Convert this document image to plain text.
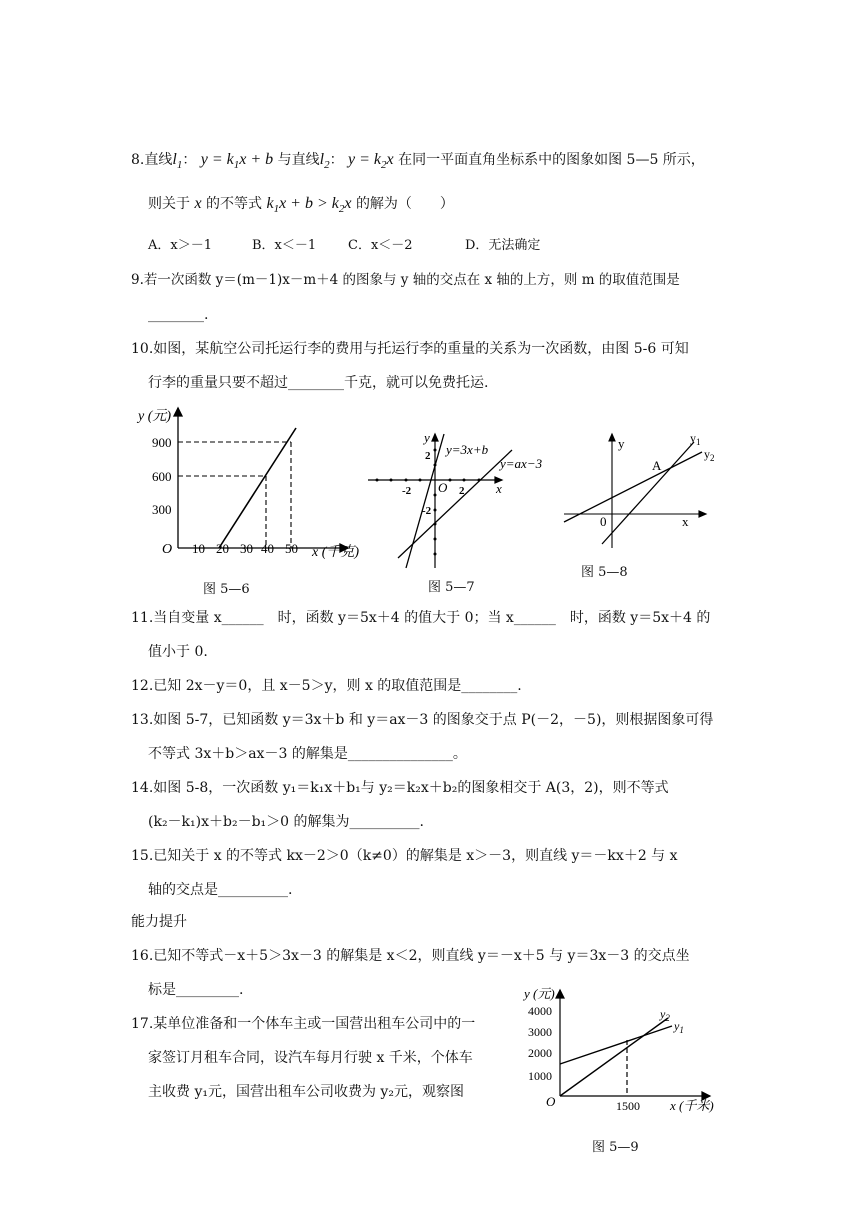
8.直线$l_1$： $y = k_1x + b$ 与直线$l_2$： $y = k_2x$ 在同一平面直角坐标系中的图象如图 5—5 所示，
则关于 x 的不等式 $k_1x + b > k_2x$ 的解为（　　）
A．x＞－1	B．x＜－1 C．x＜－2	D．无法确定
9.若一次函数 y＝(m－1)x－m＋4 的图象与 y 轴的交点在 x 轴的上方，则 m 的取值范围是
________.
10.如图，某航空公司托运行李的费用与托运行李的重量的关系为一次函数，由图 5-6 可知
行李的重量只要不超过________千克，就可以免费托运.
y (元)
900
600
300
O 10 20 30 40 50 x (千克)
图 5—6
y
x
O
y=3x+b
y=ax−3
2
-2	2
-2
图 5—7
y
x
0
A
$y_1$
$y_2$
图 5—8
11.当自变量 x______　时，函数 y＝5x＋4 的值大于 0；当 x______　时，函数 y＝5x＋4 的
值小于 0.
12.已知 2x－y＝0，且 x－5＞y，则 x 的取值范围是________.
13.如图 5-7，已知函数 y＝3x＋b 和 y＝ax－3 的图象交于点 P(－2，－5)，则根据图象可得
不等式 3x＋b＞ax－3 的解集是_______________。
14.如图 5-8，一次函数 y₁＝k₁x＋b₁与 y₂＝k₂x＋b₂的图象相交于 A(3，2)，则不等式
(k₂－k₁)x＋b₂－b₁＞0 的解集为__________.
15.已知关于 x 的不等式 kx－2＞0（k≠0）的解集是 x＞－3，则直线 y＝－kx＋2 与 x
轴的交点是__________.
能力提升
16.已知不等式－x＋5＞3x－3 的解集是 x＜2，则直线 y＝－x＋5 与 y＝3x－3 的交点坐
标是_________.
17.某单位准备和一个体车主或一国营出租车公司中的一
家签订月租车合同，设汽车每月行驶 x 千米，个体车
主收费 y₁元，国营出租车公司收费为 y₂元，观察图
y (元)
4000
3000
2000
1000
O	1500 x (千米)
$y_2$
$y_1$
图 5—9
